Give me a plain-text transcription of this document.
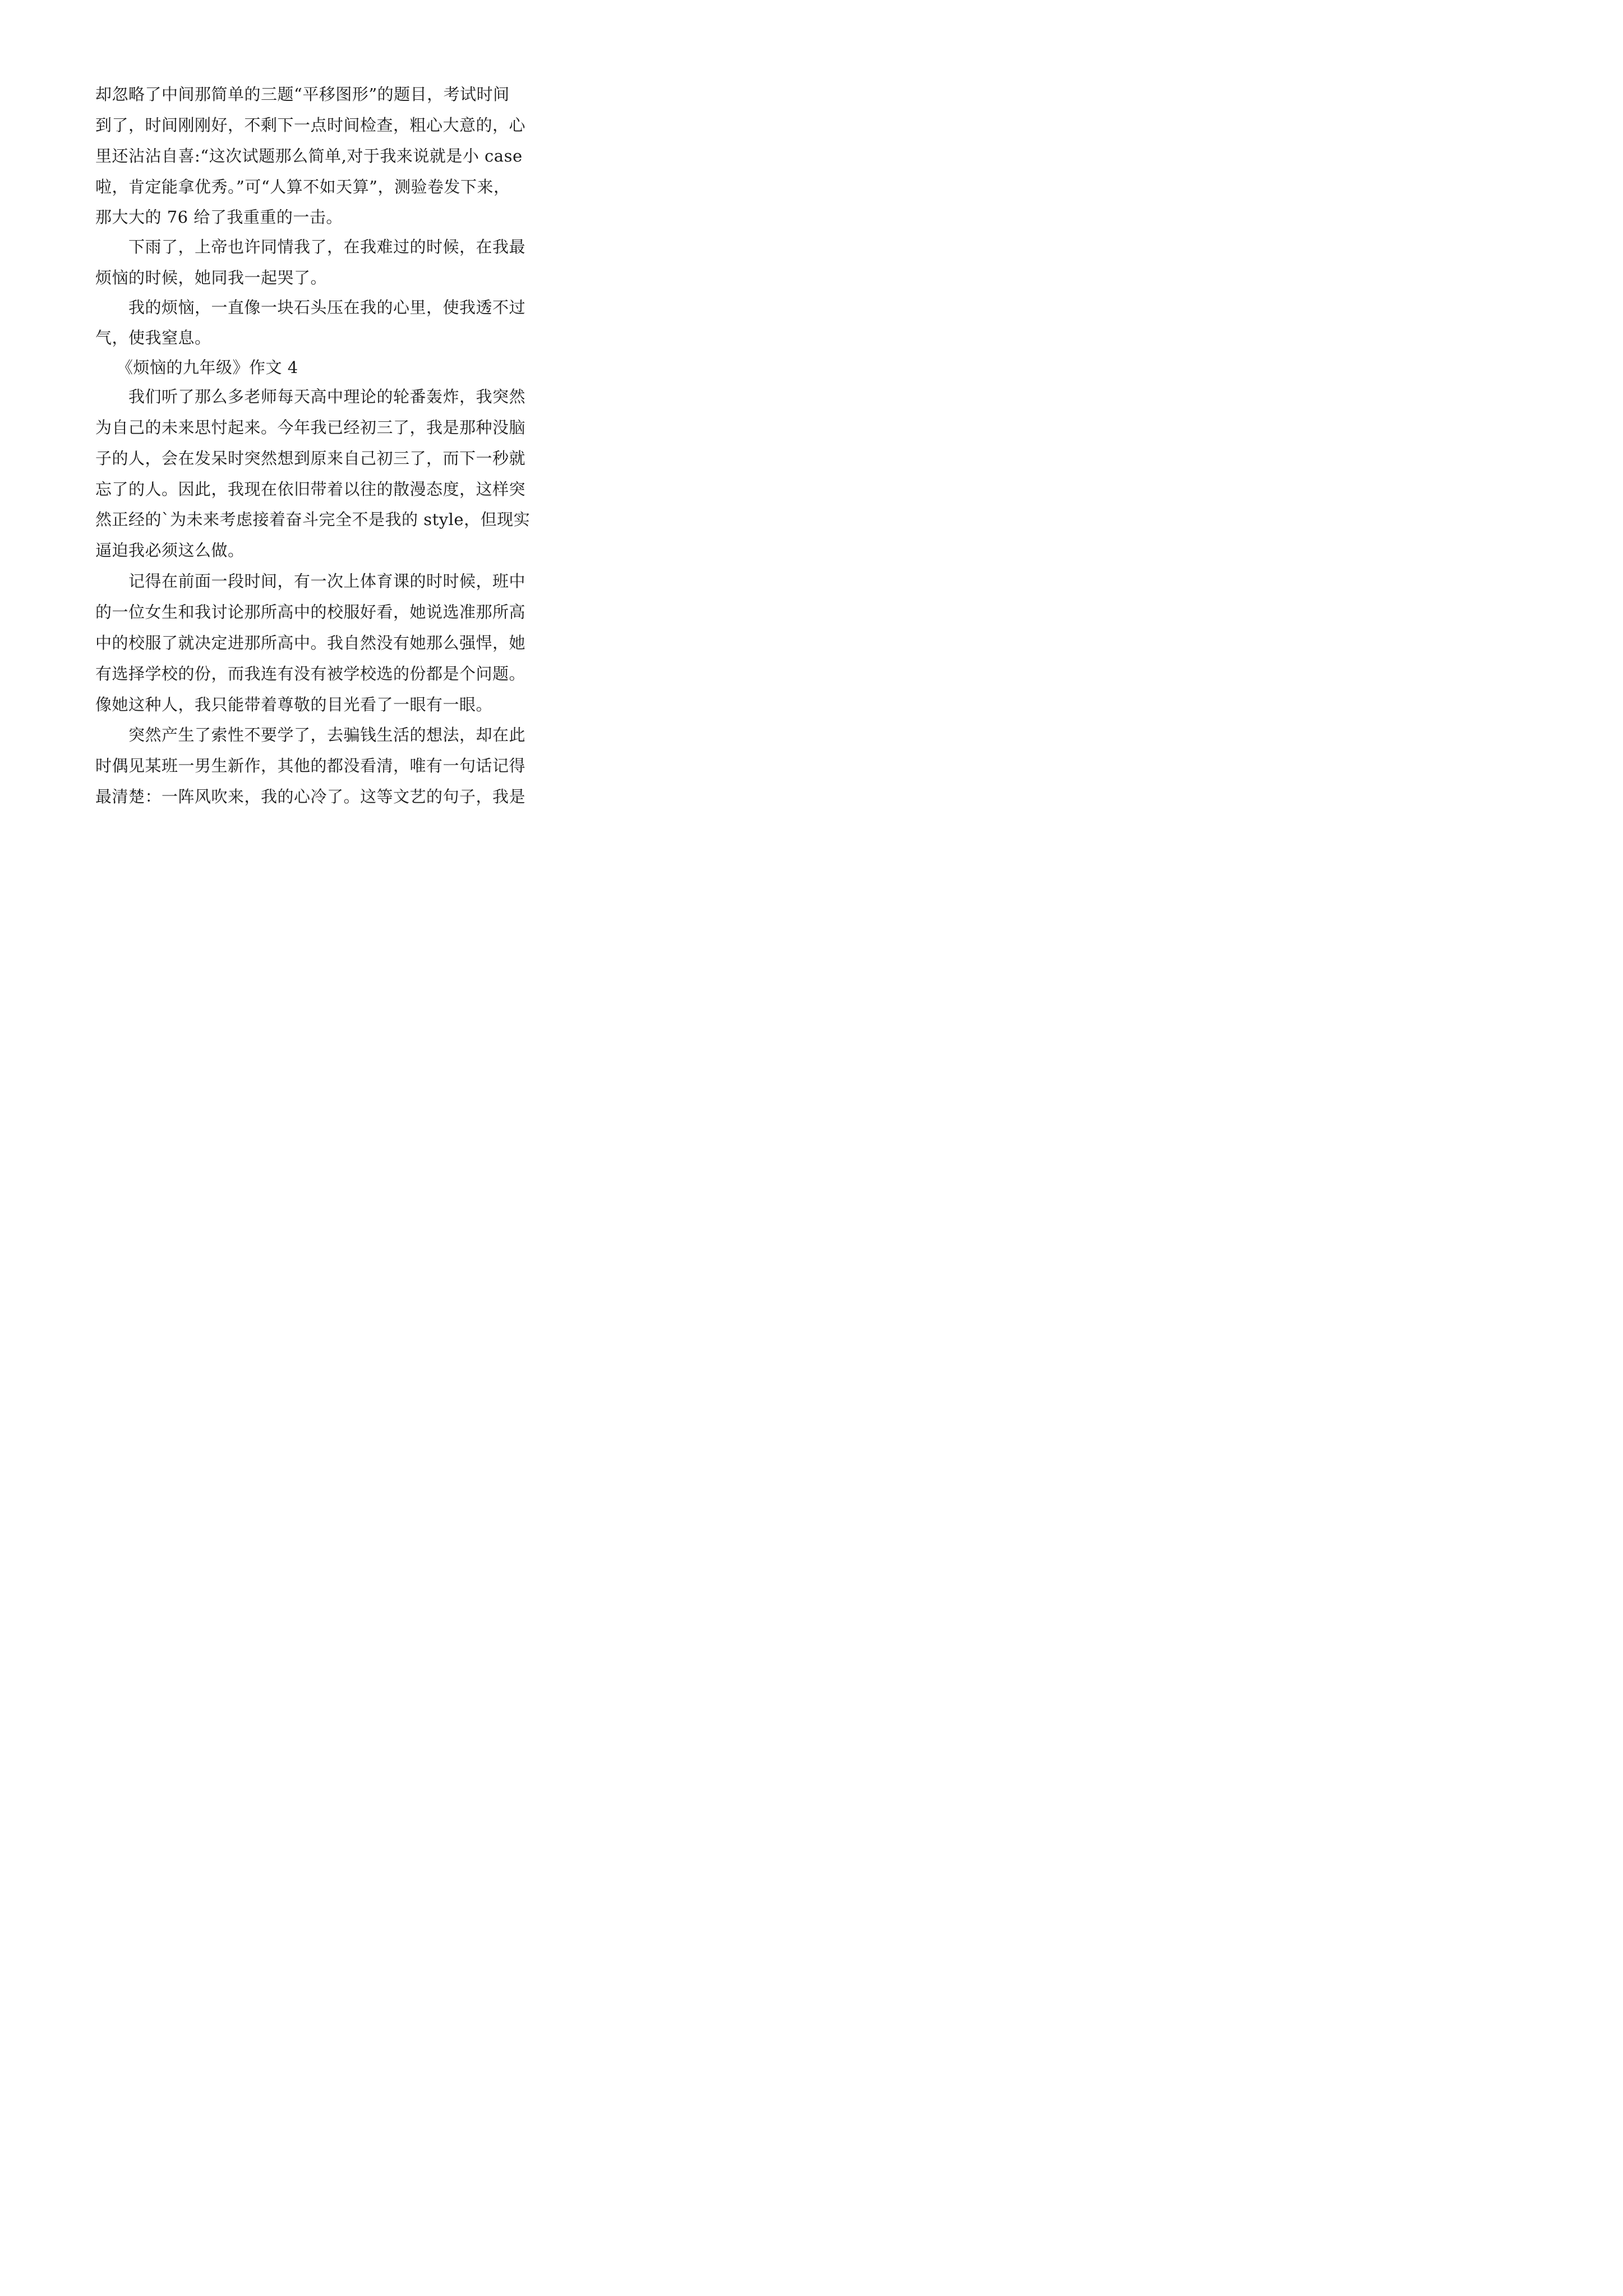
却忽略了中间那简单的三题“平移图形”的题目，考试时间
到了，时间刚刚好，不剩下一点时间检查，粗心大意的，心
里还沾沾自喜:“这次试题那么简单,对于我来说就是小 case
啦，肯定能拿优秀。”可“人算不如天算”，测验卷发下来，
那大大的 76 给了我重重的一击。
下雨了，上帝也许同情我了，在我难过的时候，在我最
烦恼的时候，她同我一起哭了。
我的烦恼，一直像一块石头压在我的心里，使我透不过
气，使我窒息。
《烦恼的九年级》作文 4
我们听了那么多老师每天高中理论的轮番轰炸，我突然
为自己的未来思忖起来。今年我已经初三了，我是那种没脑
子的人，会在发呆时突然想到原来自己初三了，而下一秒就
忘了的人。因此，我现在依旧带着以往的散漫态度，这样突
然正经的`为未来考虑接着奋斗完全不是我的 style，但现实
逼迫我必须这么做。
记得在前面一段时间，有一次上体育课的时时候，班中
的一位女生和我讨论那所高中的校服好看，她说选准那所高
中的校服了就决定进那所高中。我自然没有她那么强悍，她
有选择学校的份，而我连有没有被学校选的份都是个问题。
像她这种人，我只能带着尊敬的目光看了一眼有一眼。
突然产生了索性不要学了，去骗钱生活的想法，却在此
时偶见某班一男生新作，其他的都没看清，唯有一句话记得
最清楚：一阵风吹来，我的心冷了。这等文艺的句子，我是
